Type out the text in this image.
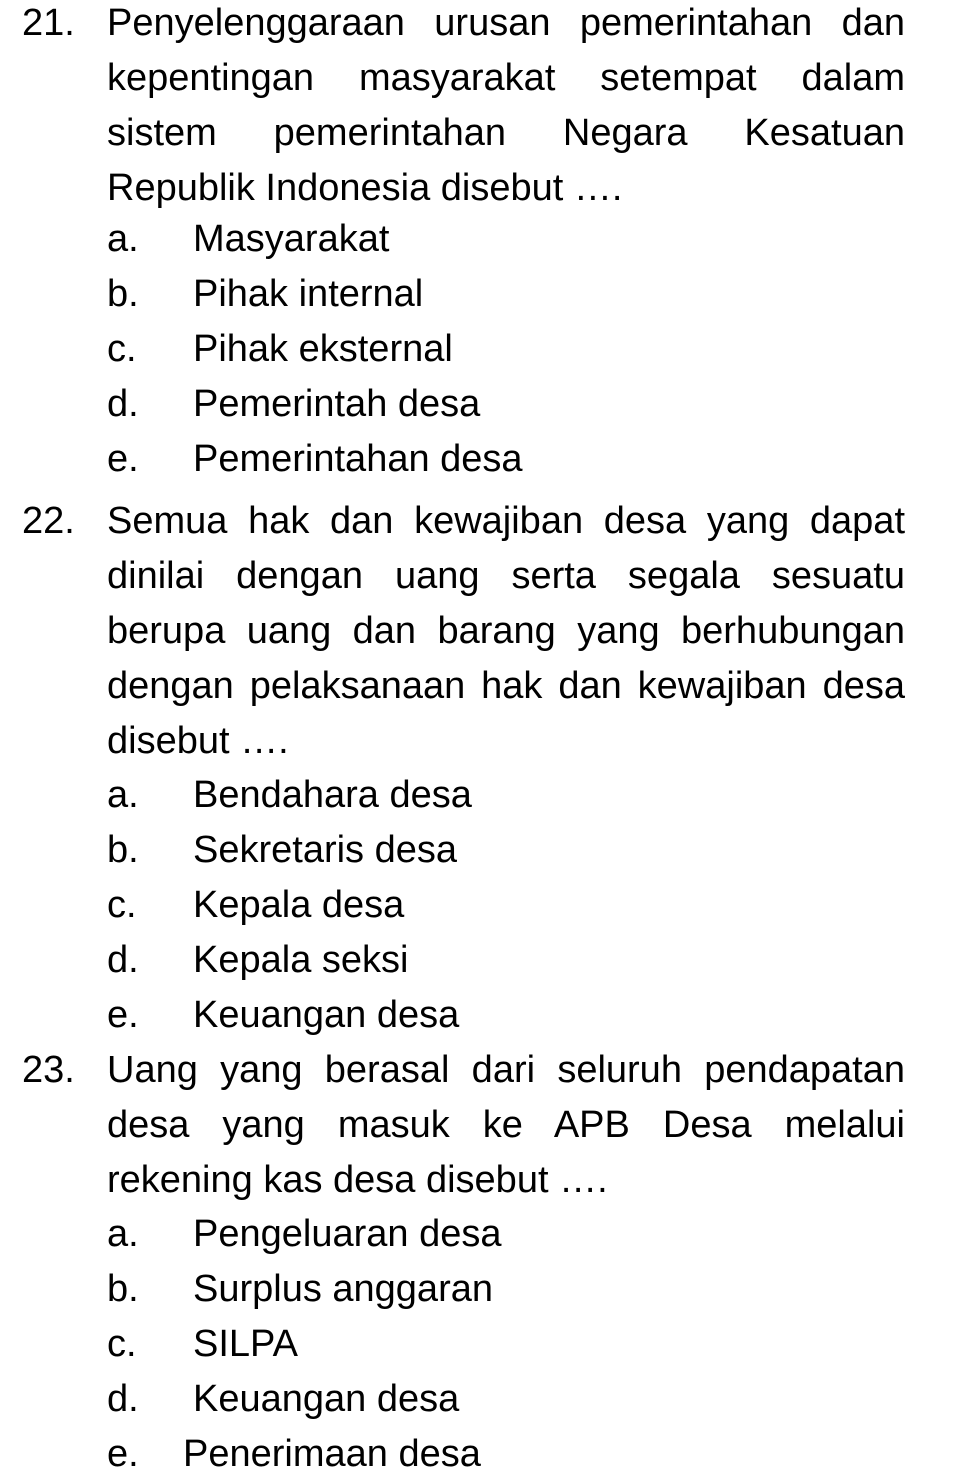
21. Penyelenggaraan urusan pemerintahan dan kepentingan masyarakat setempat dalam sistem pemerintahan Negara Kesatuan Republik Indonesia disebut ….
a. Masyarakat
b. Pihak internal
c. Pihak eksternal
d. Pemerintah desa
e. Pemerintahan desa
22. Semua hak dan kewajiban desa yang dapat dinilai dengan uang serta segala sesuatu berupa uang dan barang yang berhubungan dengan pelaksanaan hak dan kewajiban desa disebut ….
a. Bendahara desa
b. Sekretaris desa
c. Kepala desa
d. Kepala seksi
e. Keuangan desa
23. Uang yang berasal dari seluruh pendapatan desa yang masuk ke APB Desa melalui rekening kas desa disebut ….
a. Pengeluaran desa
b. Surplus anggaran
c. SILPA
d. Keuangan desa
e. Penerimaan desa
